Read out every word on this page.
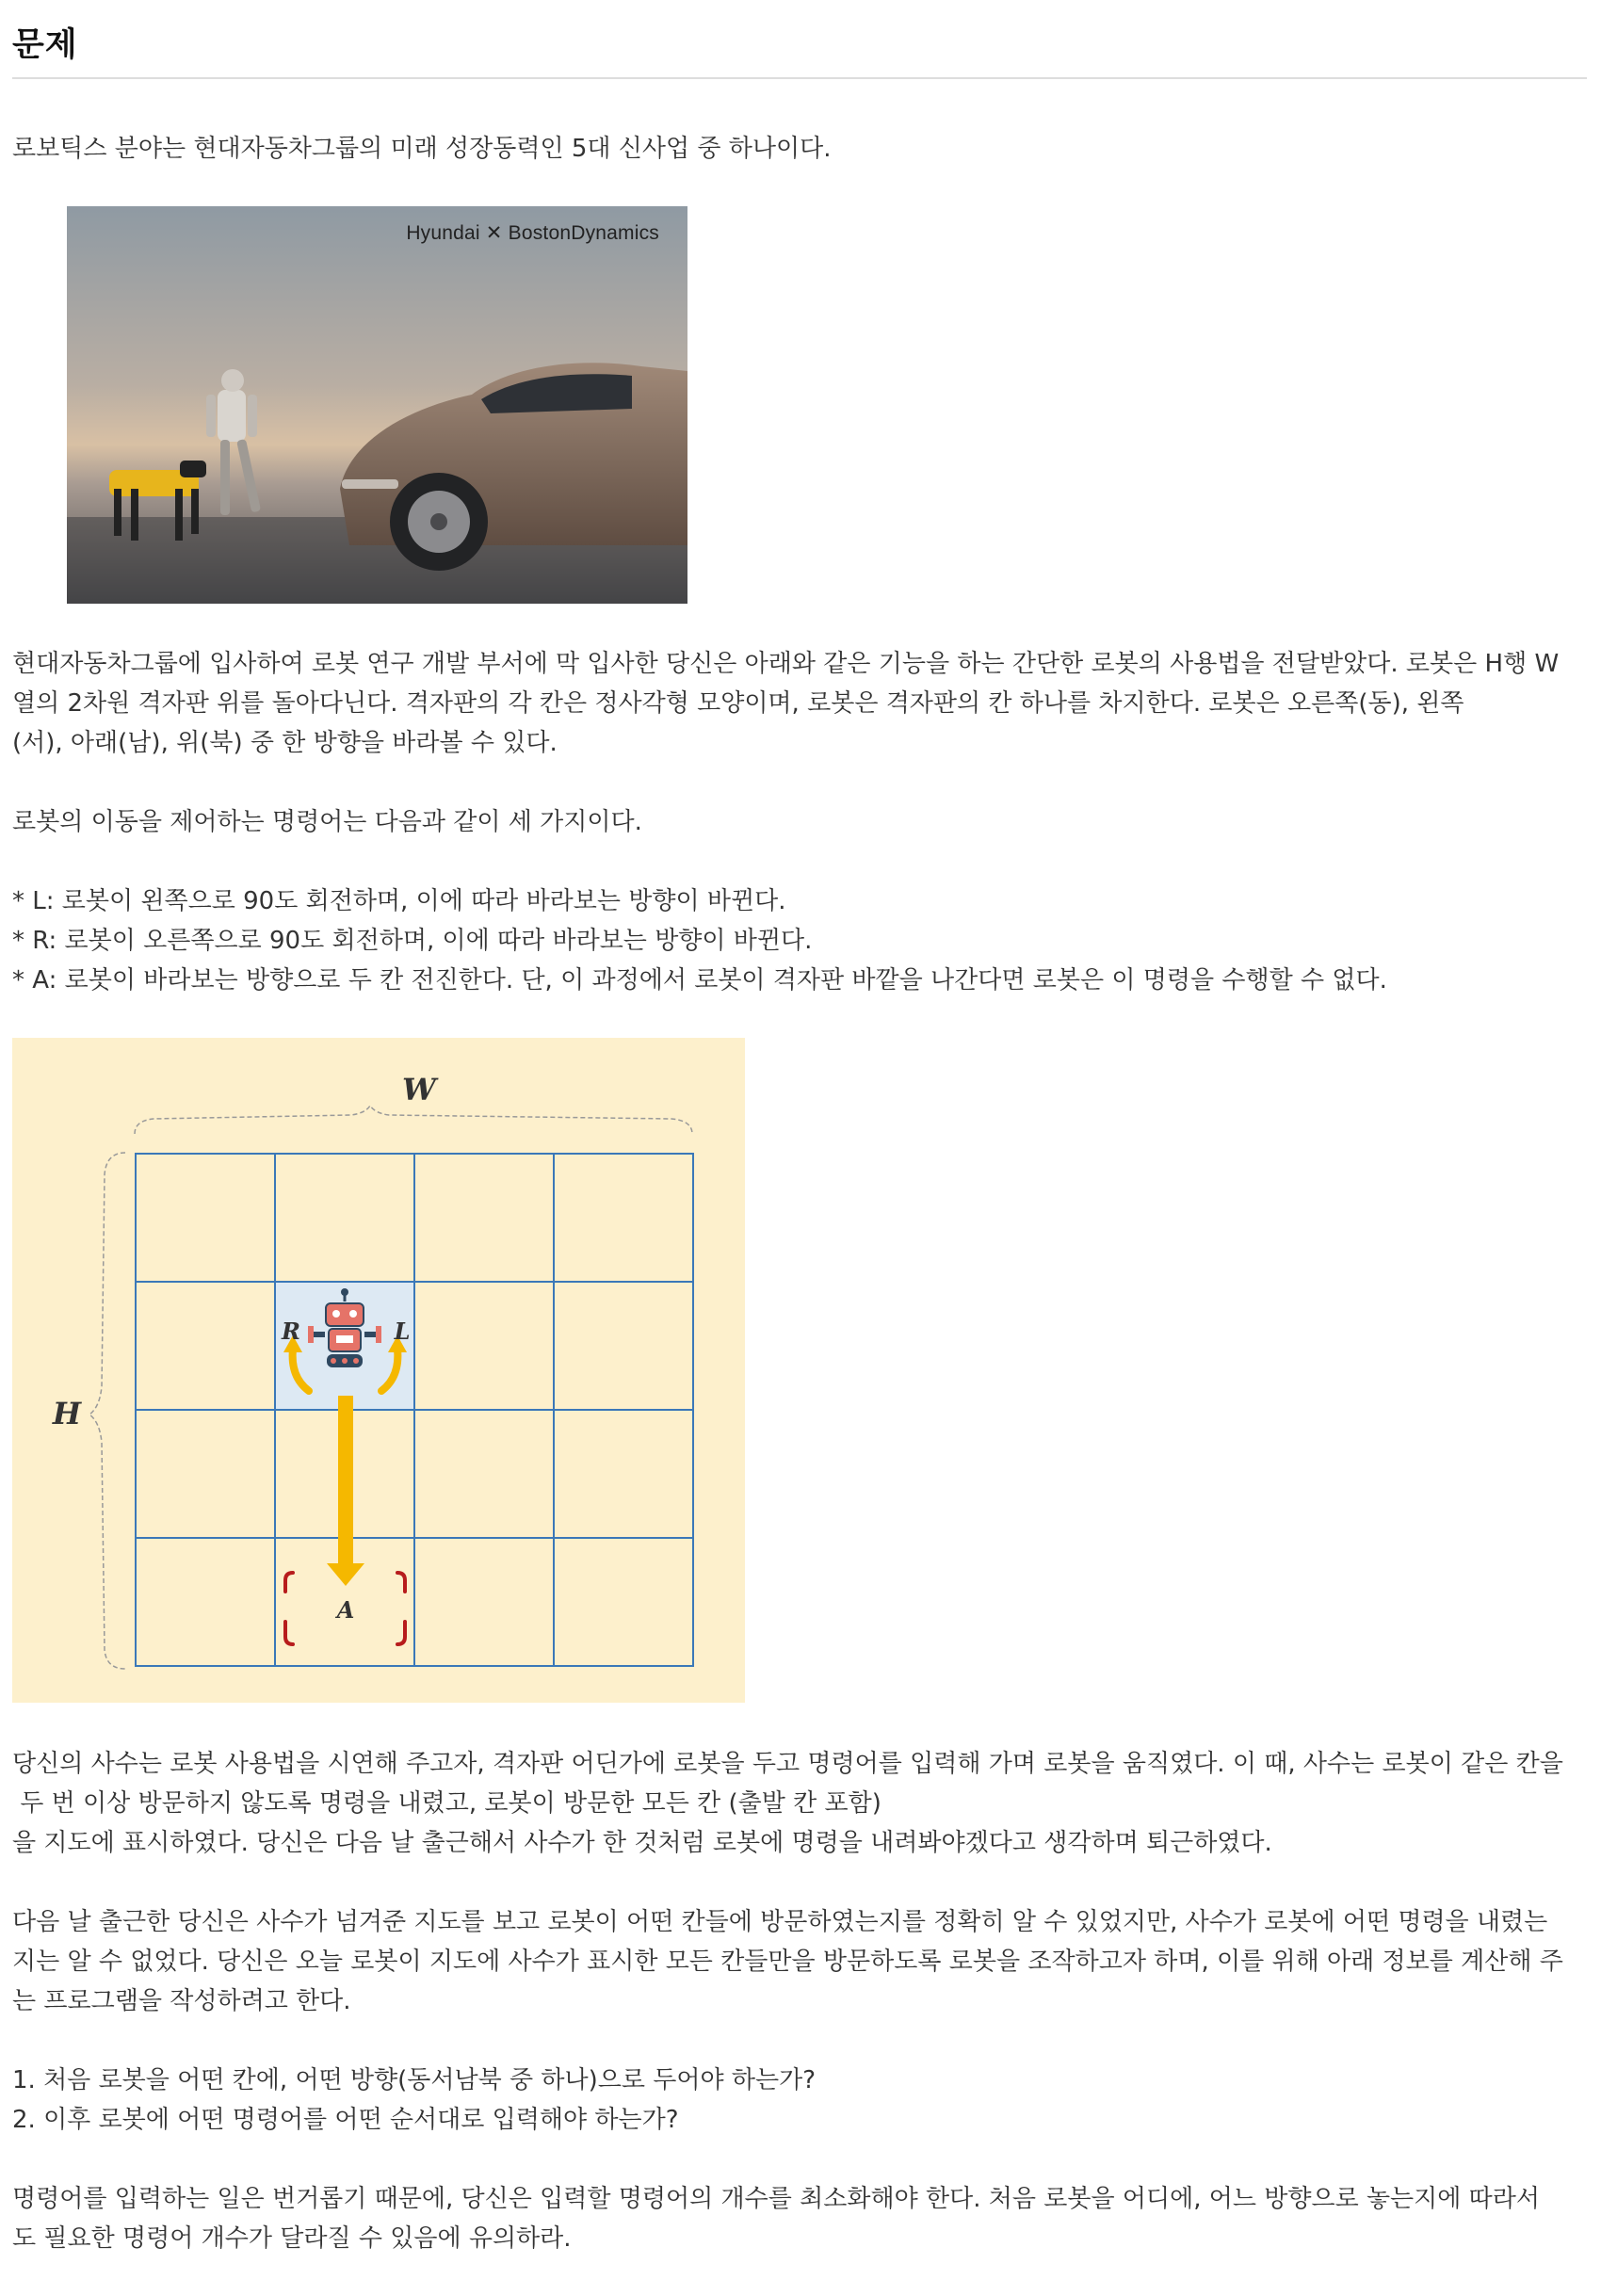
문제
로보틱스 분야는 현대자동차그룹의 미래 성장동력인 5대 신사업 중 하나이다.
Hyundai ✕ BostonDynamics
현대자동차그룹에 입사하여 로봇 연구 개발 부서에 막 입사한 당신은 아래와 같은 기능을 하는 간단한 로봇의 사용법을 전달받았다. 로봇은 H행 W
열의 2차원 격자판 위를 돌아다닌다. 격자판의 각 칸은 정사각형 모양이며, 로봇은 격자판의 칸 하나를 차지한다. 로봇은 오른쪽(동), 왼쪽
(서), 아래(남), 위(북) 중 한 방향을 바라볼 수 있다.
로봇의 이동을 제어하는 명령어는 다음과 같이 세 가지이다.
* L: 로봇이 왼쪽으로 90도 회전하며, 이에 따라 바라보는 방향이 바뀐다.
* R: 로봇이 오른쪽으로 90도 회전하며, 이에 따라 바라보는 방향이 바뀐다.
* A: 로봇이 바라보는 방향으로 두 칸 전진한다. 단, 이 과정에서 로봇이 격자판 바깥을 나간다면 로봇은 이 명령을 수행할 수 없다.
W
H
R	L
A
당신의 사수는 로봇 사용법을 시연해 주고자, 격자판 어딘가에 로봇을 두고 명령어를 입력해 가며 로봇을 움직였다. 이 때, 사수는 로봇이 같은 칸을
두 번 이상 방문하지 않도록 명령을 내렸고, 로봇이 방문한 모든 칸 (출발 칸 포함)
을 지도에 표시하였다. 당신은 다음 날 출근해서 사수가 한 것처럼 로봇에 명령을 내려봐야겠다고 생각하며 퇴근하였다.
다음 날 출근한 당신은 사수가 넘겨준 지도를 보고 로봇이 어떤 칸들에 방문하였는지를 정확히 알 수 있었지만, 사수가 로봇에 어떤 명령을 내렸는
지는 알 수 없었다. 당신은 오늘 로봇이 지도에 사수가 표시한 모든 칸들만을 방문하도록 로봇을 조작하고자 하며, 이를 위해 아래 정보를 계산해 주
는 프로그램을 작성하려고 한다.
1. 처음 로봇을 어떤 칸에, 어떤 방향(동서남북 중 하나)으로 두어야 하는가?
2. 이후 로봇에 어떤 명령어를 어떤 순서대로 입력해야 하는가?
명령어를 입력하는 일은 번거롭기 때문에, 당신은 입력할 명령어의 개수를 최소화해야 한다. 처음 로봇을 어디에, 어느 방향으로 놓는지에 따라서
도 필요한 명령어 개수가 달라질 수 있음에 유의하라.
